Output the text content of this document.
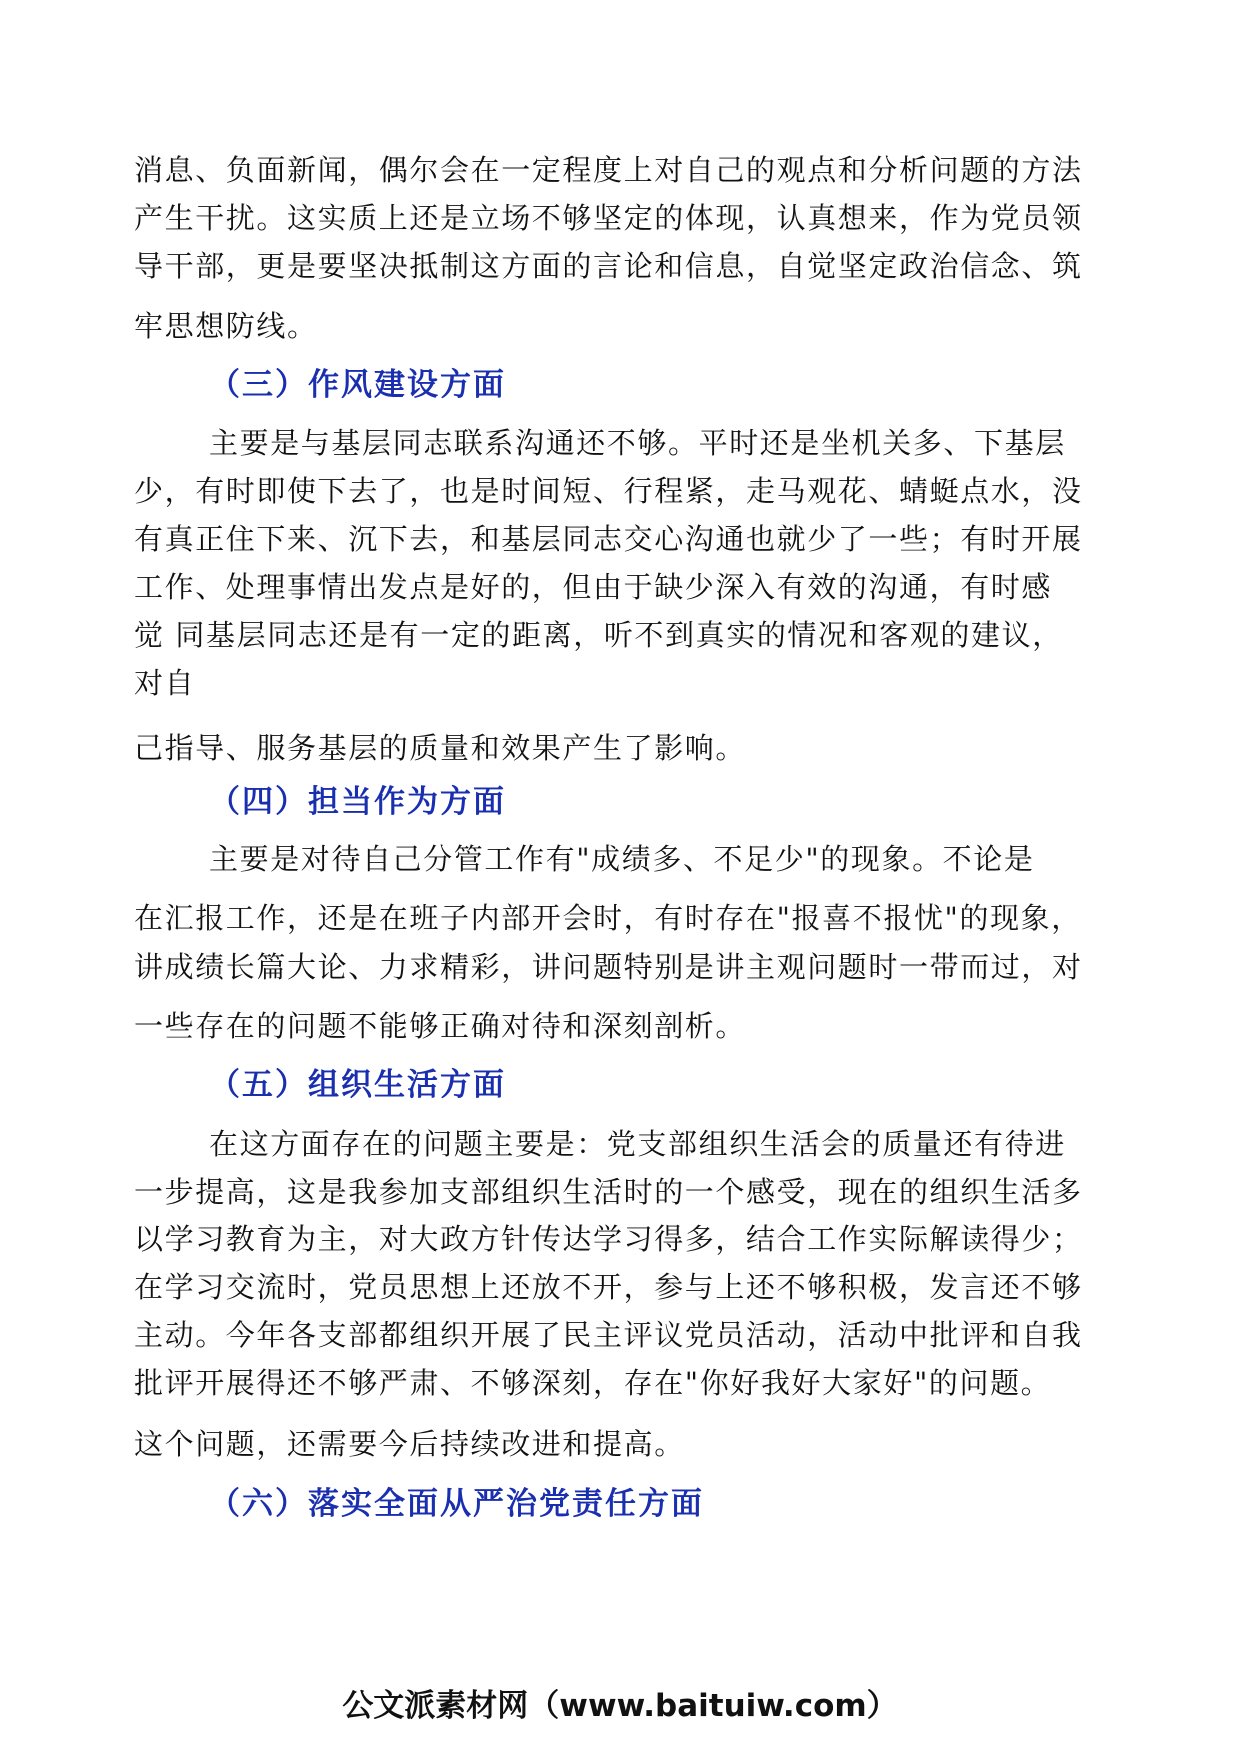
消息、负面新闻，偶尔会在一定程度上对自己的观点和分析问题的方法
产生干扰。这实质上还是立场不够坚定的体现，认真想来，作为党员领
导干部，更是要坚决抵制这方面的言论和信息，自觉坚定政治信念、筑
牢思想防线。
（三）作风建设方面
主要是与基层同志联系沟通还不够。平时还是坐机关多、下基层
少，有时即使下去了，也是时间短、行程紧，走马观花、蜻蜓点水，没
有真正住下来、沉下去，和基层同志交心沟通也就少了一些；有时开展
工作、处理事情出发点是好的，但由于缺少深入有效的沟通，有时感
觉 同基层同志还是有一定的距离，听不到真实的情况和客观的建议，
对自
己指导、服务基层的质量和效果产生了影响。
（四）担当作为方面
主要是对待自己分管工作有"成绩多、不足少"的现象。不论是
在汇报工作，还是在班子内部开会时，有时存在"报喜不报忧"的现象，
讲成绩长篇大论、力求精彩，讲问题特别是讲主观问题时一带而过，对
一些存在的问题不能够正确对待和深刻剖析。
（五）组织生活方面
在这方面存在的问题主要是：党支部组织生活会的质量还有待进
一步提高，这是我参加支部组织生活时的一个感受，现在的组织生活多
以学习教育为主，对大政方针传达学习得多，结合工作实际解读得少；
在学习交流时，党员思想上还放不开，参与上还不够积极，发言还不够
主动。今年各支部都组织开展了民主评议党员活动，活动中批评和自我
批评开展得还不够严肃、不够深刻，存在"你好我好大家好"的问题。
这个问题，还需要今后持续改进和提高。
（六）落实全面从严治党责任方面
公文派素材网（www.baituiw.com）
